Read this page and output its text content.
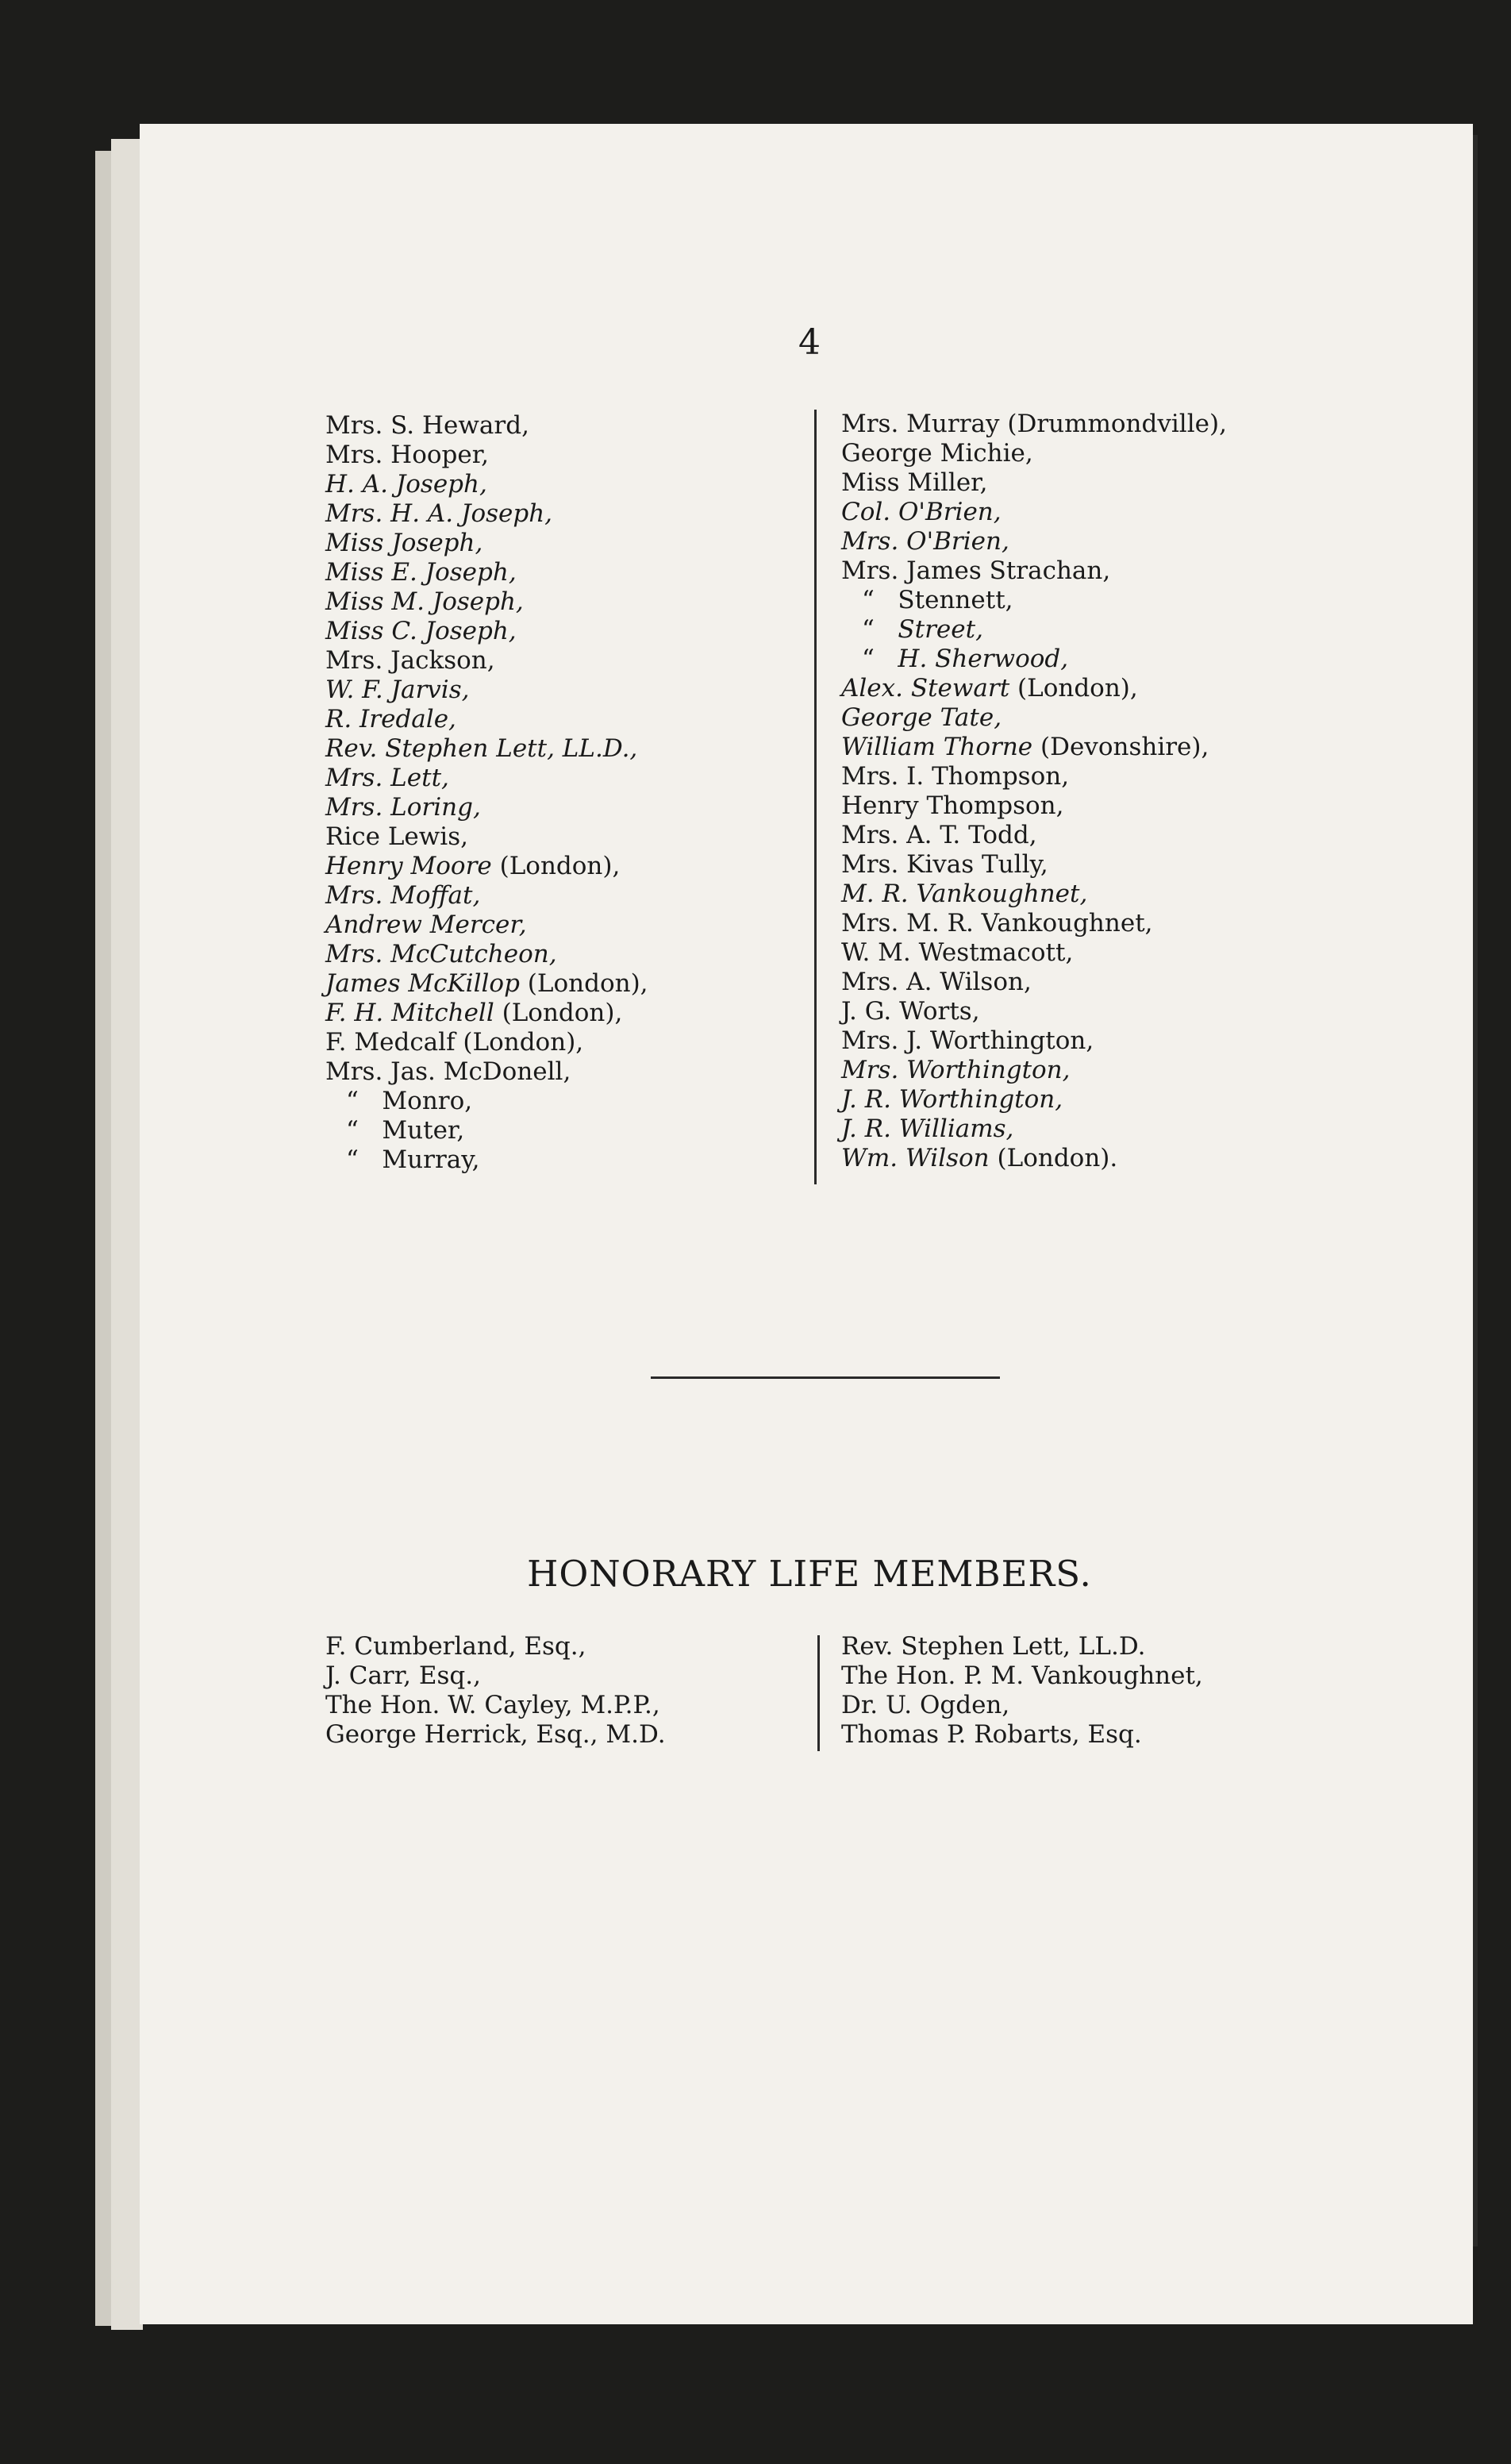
4
Mrs. S. Heward,
Mrs. Hooper,
H. A. Joseph,
Mrs. H. A. Joseph,
Miss Joseph,
Miss E. Joseph,
Miss M. Joseph,
Miss C. Joseph,
Mrs. Jackson,
W. F. Jarvis,
R. Iredale,
Rev. Stephen Lett, LL.D.,
Mrs. Lett,
Mrs. Loring,
Rice Lewis,
Henry Moore (London),
Mrs. Moffat,
Andrew Mercer,
Mrs. McCutcheon,
James McKillop (London),
F. H. Mitchell (London),
F. Medcalf (London),
Mrs. Jas. McDonell,
“ Monro,
“ Muter,
“ Murray,
Mrs. Murray (Drummondville),
George Michie,
Miss Miller,
Col. O'Brien,
Mrs. O'Brien,
Mrs. James Strachan,
“ Stennett,
“ Street,
“ H. Sherwood,
Alex. Stewart (London),
George Tate,
William Thorne (Devonshire),
Mrs. I. Thompson,
Henry Thompson,
Mrs. A. T. Todd,
Mrs. Kivas Tully,
M. R. Vankoughnet,
Mrs. M. R. Vankoughnet,
W. M. Westmacott,
Mrs. A. Wilson,
J. G. Worts,
Mrs. J. Worthington,
Mrs. Worthington,
J. R. Worthington,
J. R. Williams,
Wm. Wilson (London).
HONORARY LIFE MEMBERS.
F. Cumberland, Esq.,
J. Carr, Esq.,
The Hon. W. Cayley, M.P.P.,
George Herrick, Esq., M.D.
Rev. Stephen Lett, LL.D.
The Hon. P. M. Vankoughnet,
Dr. U. Ogden,
Thomas P. Robarts, Esq.
